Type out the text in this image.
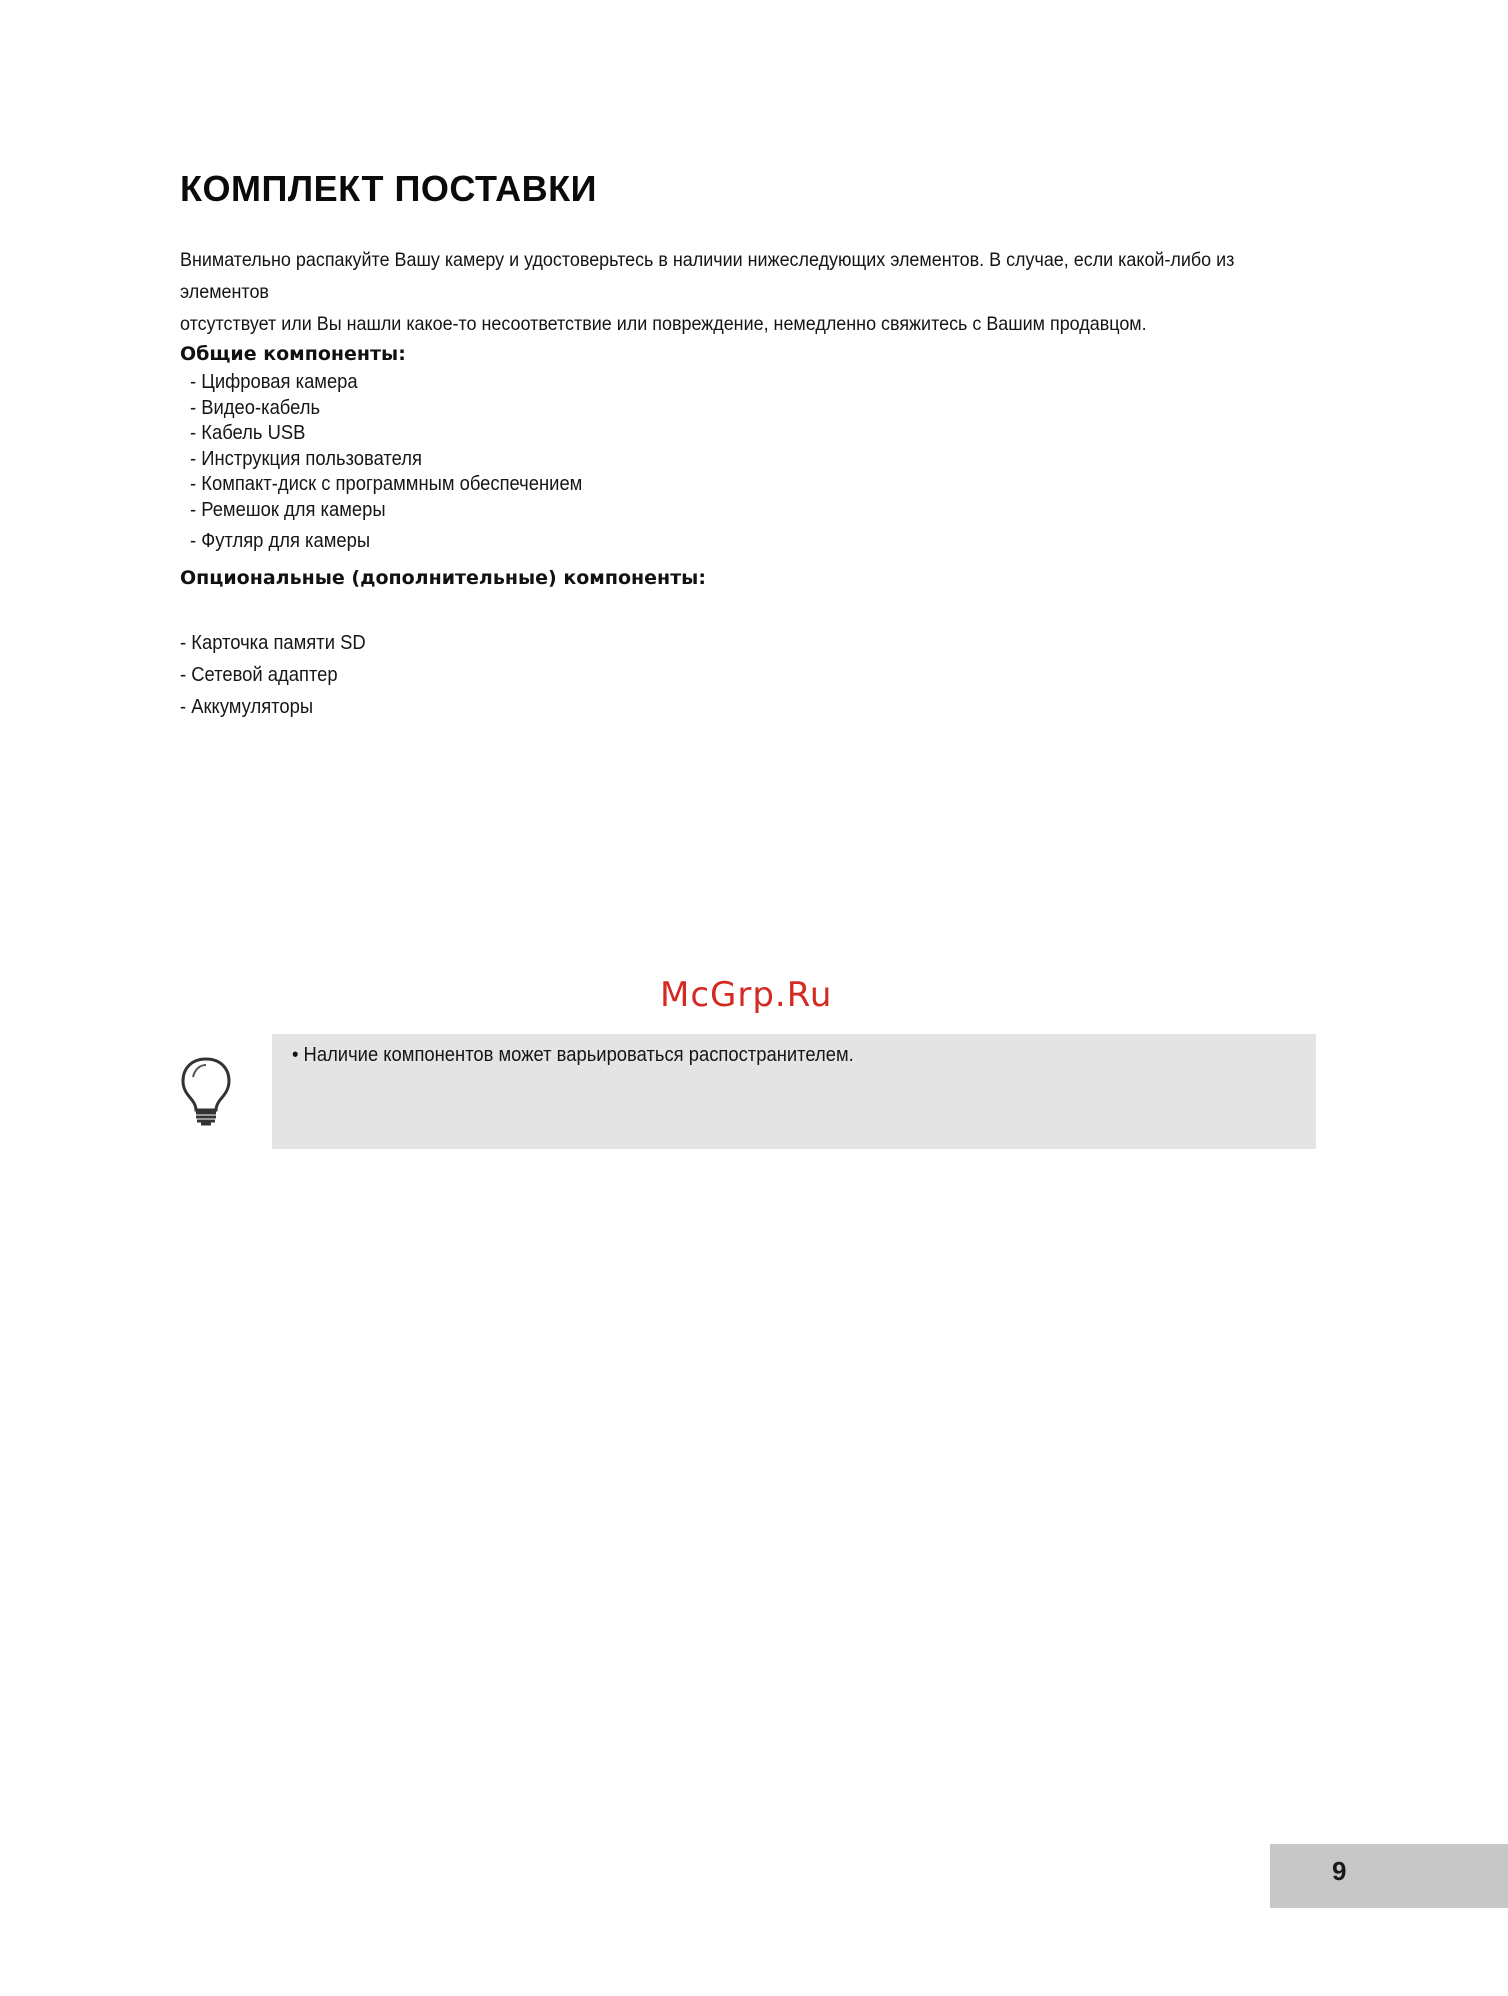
КОМПЛЕКТ ПОСТАВКИ

Внимательно распакуйте Вашу камеру и удостоверьтесь в наличии нижеследующих элементов. В случае, если какой-либо из элементов

отсутствует или Вы нашли какое-то несоответствие или повреждение, немедленно свяжитесь с Вашим продавцом.

Общие компоненты:
- Цифровая камера
- Видео-кабель
- Кабель USB
- Инструкция пользователя
- Компакт-диск с программным обеспечением
- Ремешок для камеры
- Футляр для камеры
Опциональные (дополнительные) компоненты:
- Карточка памяти SD
- Сетевой адаптер
- Аккумуляторы
McGrp.Ru
• Наличие компонентов может варьироваться распостранителем.
9
